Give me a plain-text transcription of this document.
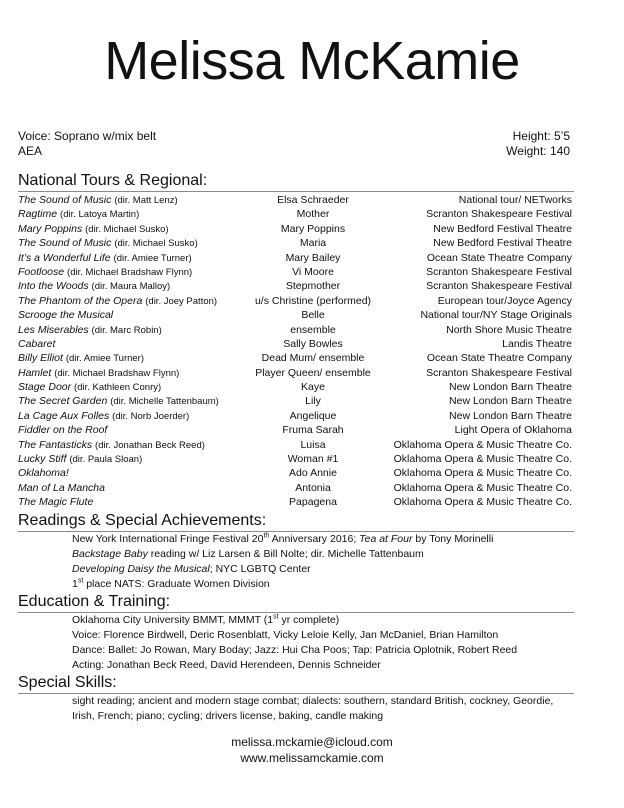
Melissa McKamie
Voice: Soprano w/mix belt
AEA
Height: 5’5
Weight: 140
National Tours & Regional:
The Sound of Music (dir. Matt Lenz)	Elsa Schraeder	National tour/ NETworks
Ragtime (dir. Latoya Martin)	Mother	Scranton Shakespeare Festival
Mary Poppins (dir. Michael Susko)	Mary Poppins	New Bedford Festival Theatre
The Sound of Music (dir. Michael Susko)	Maria	New Bedford Festival Theatre
It’s a Wonderful Life (dir. Amiee Turner)	Mary Bailey	Ocean State Theatre Company
Footloose (dir. Michael Bradshaw Flynn)	Vi Moore	Scranton Shakespeare Festival
Into the Woods (dir. Maura Malloy)	Stepmother	Scranton Shakespeare Festival
The Phantom of the Opera (dir. Joey Patton)	u/s Christine (performed)	European tour/Joyce Agency
Scrooge the Musical	Belle	National tour/NY Stage Originals
Les Miserables (dir. Marc Robin)	ensemble	North Shore Music Theatre
Cabaret	Sally Bowles	Landis Theatre
Billy Elliot (dir. Amiee Turner)	Dead Mum/ ensemble	Ocean State Theatre Company
Hamlet (dir. Michael Bradshaw Flynn)	Player Queen/ ensemble	Scranton Shakespeare Festival
Stage Door (dir. Kathleen Conry)	Kaye	New London Barn Theatre
The Secret Garden (dir. Michelle Tattenbaum)	Lily	New London Barn Theatre
La Cage Aux Folles (dir. Norb Joerder)	Angelique	New London Barn Theatre
Fiddler on the Roof	Fruma Sarah	Light Opera of Oklahoma
The Fantasticks (dir. Jonathan Beck Reed)	Luisa	Oklahoma Opera & Music Theatre Co.
Lucky Stiff (dir. Paula Sloan)	Woman #1	Oklahoma Opera & Music Theatre Co.
Oklahoma!	Ado Annie	Oklahoma Opera & Music Theatre Co.
Man of La Mancha	Antonia	Oklahoma Opera & Music Theatre Co.
The Magic Flute	Papagena	Oklahoma Opera & Music Theatre Co.
Readings & Special Achievements:
New York International Fringe Festival 20th Anniversary 2016; Tea at Four by Tony Morinelli
Backstage Baby reading w/ Liz Larsen & Bill Nolte; dir. Michelle Tattenbaum
Developing Daisy the Musical; NYC LGBTQ Center
1st place NATS: Graduate Women Division
Education & Training:
Oklahoma City University BMMT, MMMT (1st yr complete)
Voice: Florence Birdwell, Deric Rosenblatt, Vicky Leloie Kelly, Jan McDaniel, Brian Hamilton
Dance: Ballet: Jo Rowan, Mary Boday; Jazz: Hui Cha Poos; Tap: Patricia Oplotnik, Robert Reed
Acting: Jonathan Beck Reed, David Herendeen, Dennis Schneider
Special Skills:
sight reading; ancient and modern stage combat; dialects: southern, standard British, cockney, Geordie, Irish, French; piano; cycling; drivers license, baking, candle making
melissa.mckamie@icloud.com
www.melissamckamie.com
